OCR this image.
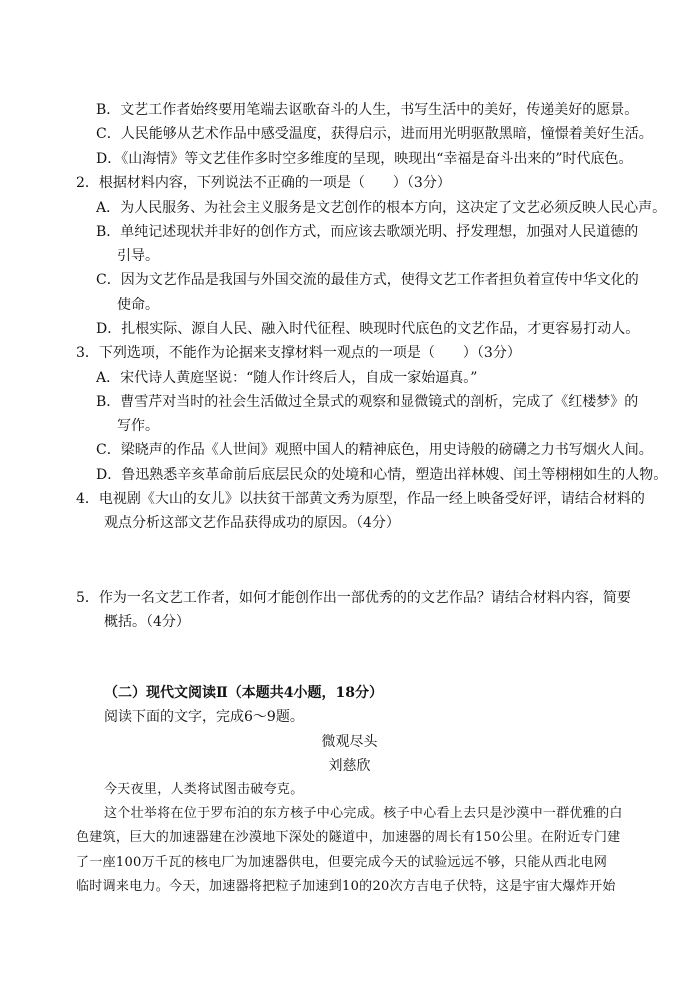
B．文艺工作者始终要用笔端去讴歌奋斗的人生，书写生活中的美好，传递美好的愿景。
C．人民能够从艺术作品中感受温度，获得启示，进而用光明驱散黑暗，憧憬着美好生活。
D．《山海情》等文艺佳作多时空多维度的呈现，映现出“幸福是奋斗出来的”时代底色。
2．根据材料内容，下列说法不正确的一项是（　　）（3分）
A．为人民服务、为社会主义服务是文艺创作的根本方向，这决定了文艺必须反映人民心声。
B．单纯记述现状并非好的创作方式，而应该去歌颂光明、抒发理想，加强对人民道德的
引导。
C．因为文艺作品是我国与外国交流的最佳方式，使得文艺工作者担负着宣传中华文化的
使命。
D．扎根实际、源自人民、融入时代征程、映现时代底色的文艺作品，才更容易打动人。
3．下列选项，不能作为论据来支撑材料一观点的一项是（　　）（3分）
A．宋代诗人黄庭坚说：“随人作计终后人，自成一家始逼真。”
B．曹雪芹对当时的社会生活做过全景式的观察和显微镜式的剖析，完成了《红楼梦》的
写作。
C．梁晓声的作品《人世间》观照中国人的精神底色，用史诗般的磅礴之力书写烟火人间。
D．鲁迅熟悉辛亥革命前后底层民众的处境和心情，塑造出祥林嫂、闰土等栩栩如生的人物。
4．电视剧《大山的女儿》以扶贫干部黄文秀为原型，作品一经上映备受好评，请结合材料的
观点分析这部文艺作品获得成功的原因。（4分）
5．作为一名文艺工作者，如何才能创作出一部优秀的的文艺作品？请结合材料内容，简要
概括。（4分）
（二）现代文阅读Ⅱ（本题共4小题，18分）
阅读下面的文字，完成6～9题。
微观尽头
刘慈欣
今天夜里，人类将试图击破夸克。
这个壮举将在位于罗布泊的东方核子中心完成。核子中心看上去只是沙漠中一群优雅的白
色建筑，巨大的加速器建在沙漠地下深处的隧道中，加速器的周长有150公里。在附近专门建
了一座100万千瓦的核电厂为加速器供电，但要完成今天的试验远远不够，只能从西北电网
临时调来电力。今天，加速器将把粒子加速到10的20次方吉电子伏特，这是宇宙大爆炸开始
